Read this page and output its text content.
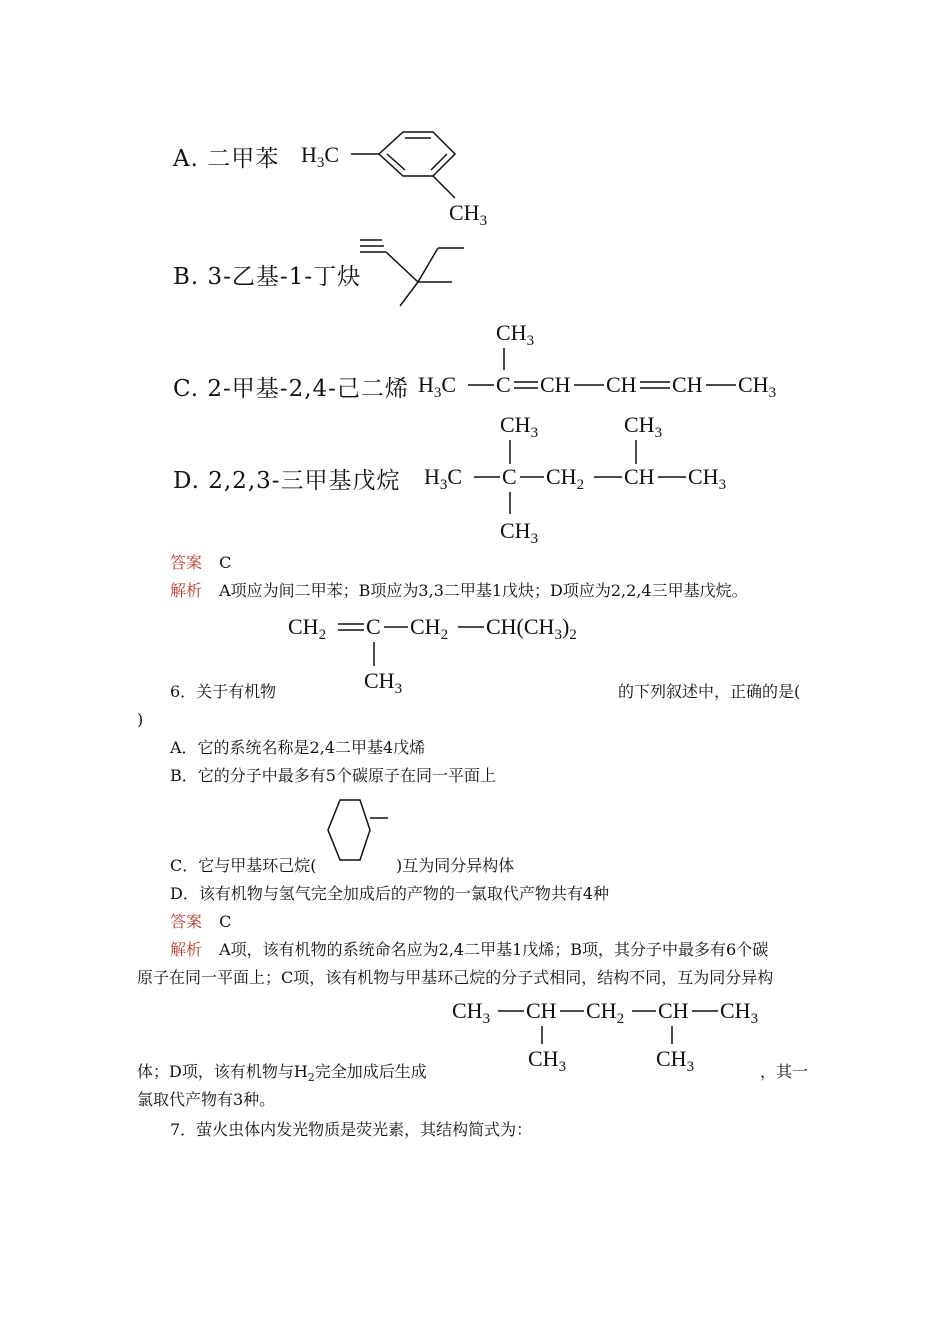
A. 二甲苯 $H_3C$
$CH_3$
B. 3-乙基-1-丁炔
C. 2-甲基-2,4-己二烯
$CH_3$
$H_3C$ C CH CH CH $CH_3$
D. 2,2,3-三甲基戊烷
$CH_3$	$CH_3$
$H_3C$ C $CH_2$ CH $CH_3$
$CH_3$
答案 C
解析 A项应为间二甲苯；B项应为3,3二甲基1戊炔；D项应为2,2,4三甲基戊烷。
$CH_2$ C $CH_2$ $CH(CH_3)_2$
$CH_3$
6．关于有机物	的下列叙述中，正确的是(
)
A．它的系统名称是2,4二甲基4戊烯
B．它的分子中最多有5个碳原子在同一平面上
C．它与甲基环己烷(	)互为同分异构体
D．该有机物与氢气完全加成后的产物的一氯取代产物共有4种
答案 C
解析 A项，该有机物的系统命名应为2,4二甲基1戊烯；B项，其分子中最多有6个碳
原子在同一平面上；C项，该有机物与甲基环己烷的分子式相同，结构不同，互为同分异构
$CH_3$ CH $CH_2$ CH $CH_3$
$CH_3$	$CH_3$
体；D项，该有机物与$H_2$完全加成后生成	，其一
氯取代产物有3种。
7．萤火虫体内发光物质是荧光素，其结构简式为：
